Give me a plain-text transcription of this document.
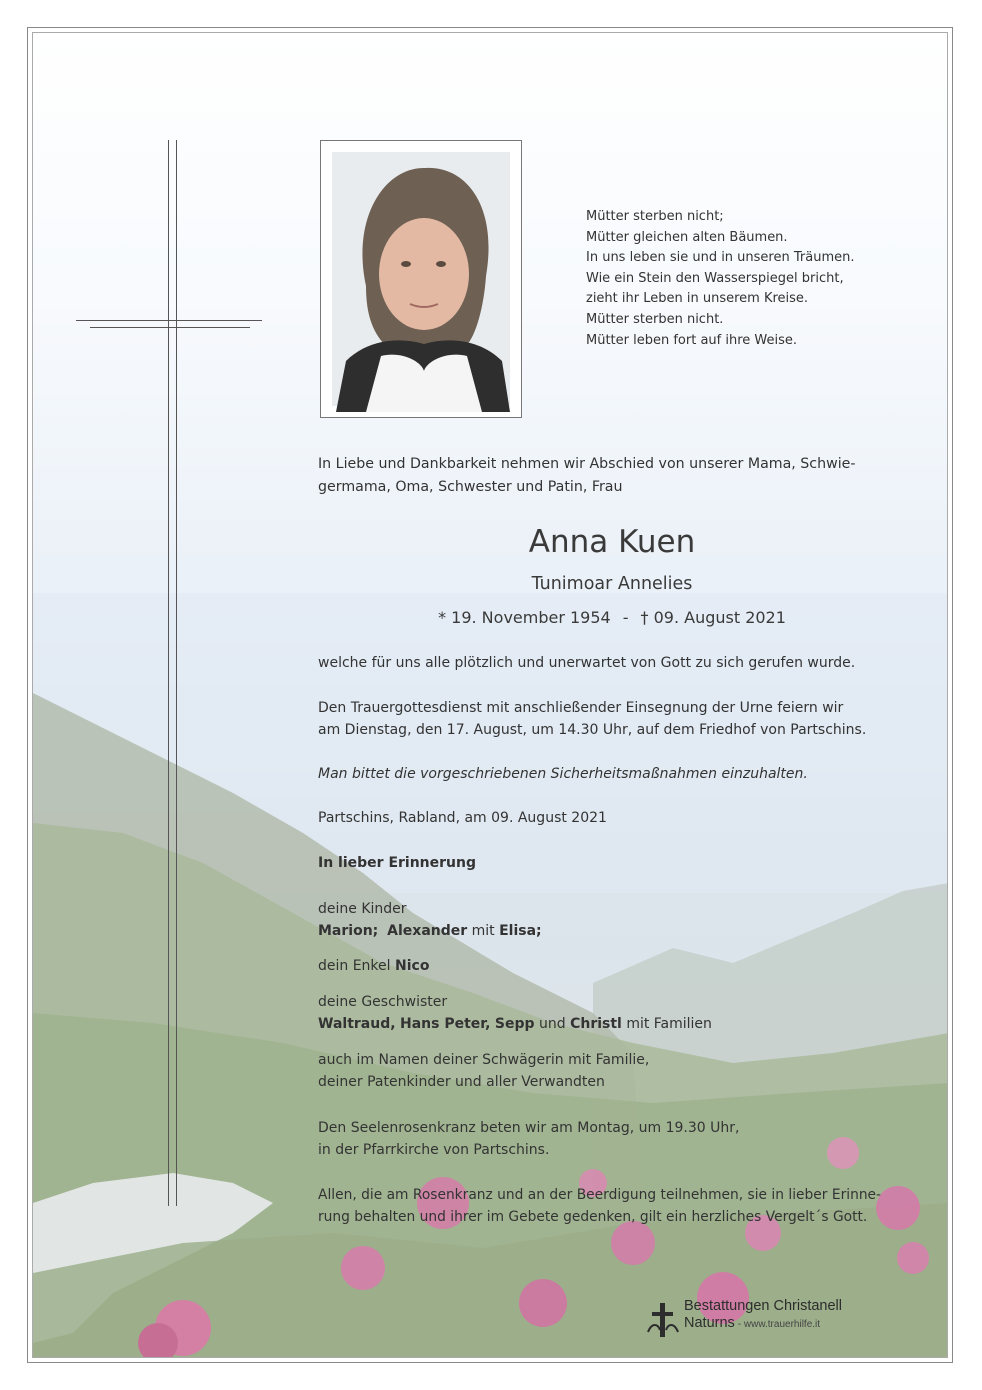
Mütter sterben nicht;
Mütter gleichen alten Bäumen.
In uns leben sie und in unseren Träumen.
Wie ein Stein den Wasserspiegel bricht,
zieht ihr Leben in unserem Kreise.
Mütter sterben nicht.
Mütter leben fort auf ihre Weise.
In Liebe und Dankbarkeit nehmen wir Abschied von unserer Mama, Schwie-
germama, Oma, Schwester und Patin, Frau
Anna Kuen
Tunimoar Annelies
* 19. November 1954 - † 09. August 2021
welche für uns alle plötzlich und unerwartet von Gott zu sich gerufen wurde.
Den Trauergottesdienst mit anschließender Einsegnung der Urne feiern wir
am Dienstag, den 17. August, um 14.30 Uhr, auf dem Friedhof von Partschins.
Man bittet die vorgeschriebenen Sicherheitsmaßnahmen einzuhalten.
Partschins, Rabland, am 09. August 2021
In lieber Erinnerung
deine Kinder
Marion; Alexander mit Elisa;
dein Enkel Nico
deine Geschwister
Waltraud, Hans Peter, Sepp und Christl mit Familien
auch im Namen deiner Schwägerin mit Familie,
deiner Patenkinder und aller Verwandten
Den Seelenrosenkranz beten wir am Montag, um 19.30 Uhr,
in der Pfarrkirche von Partschins.
Allen, die am Rosenkranz und an der Beerdigung teilnehmen, sie in lieber Erinne-
rung behalten und ihrer im Gebete gedenken, gilt ein herzliches Vergelt´s Gott.
Bestattungen Christanell
Naturns - www.trauerhilfe.it
